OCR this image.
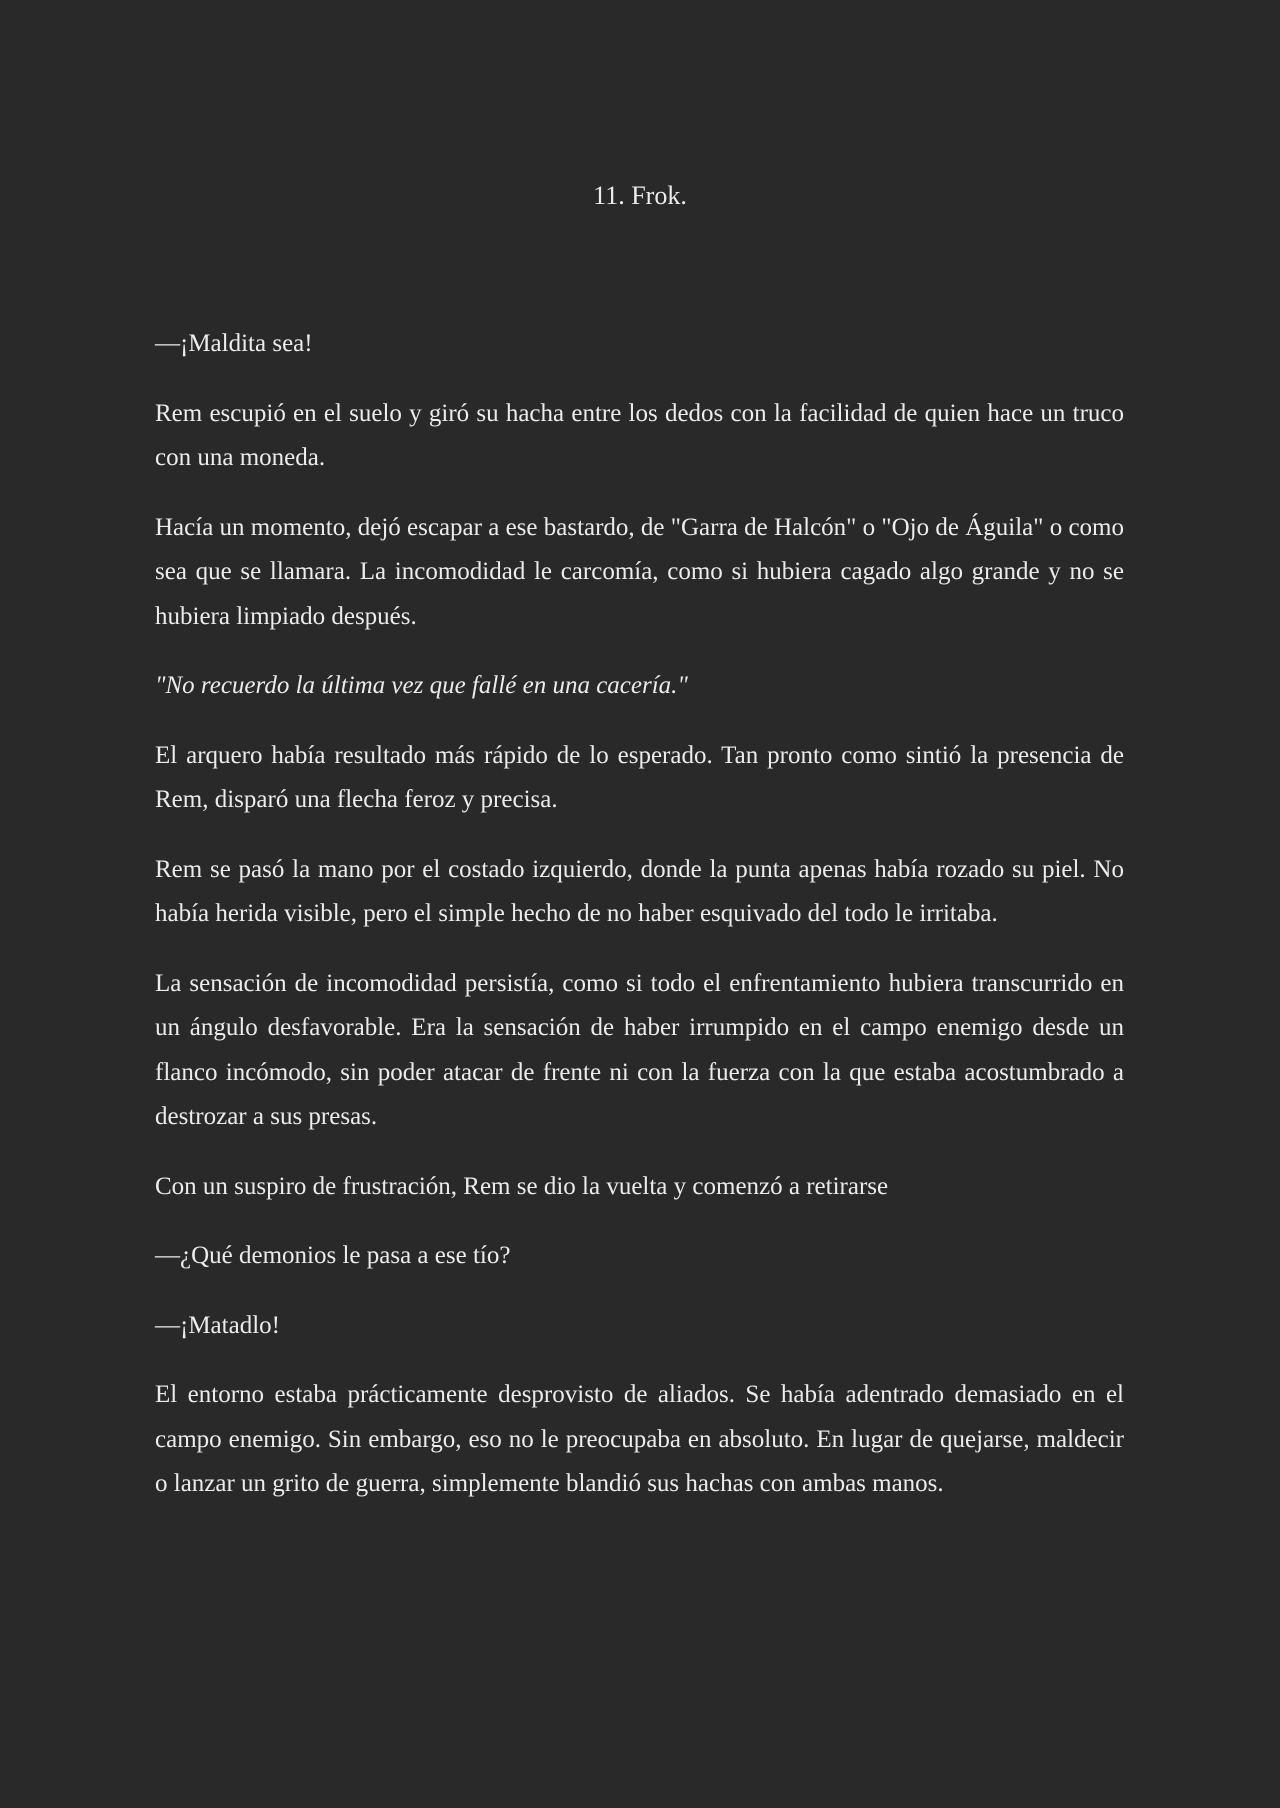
11. Frok.

—¡Maldita sea!

Rem escupió en el suelo y giró su hacha entre los dedos con la facilidad de quien hace un truco con una moneda.

Hacía un momento, dejó escapar a ese bastardo, de "Garra de Halcón" o "Ojo de Águila" o como sea que se llamara. La incomodidad le carcomía, como si hubiera cagado algo grande y no se hubiera limpiado después.

"No recuerdo la última vez que fallé en una cacería."

El arquero había resultado más rápido de lo esperado. Tan pronto como sintió la presencia de Rem, disparó una flecha feroz y precisa.

Rem se pasó la mano por el costado izquierdo, donde la punta apenas había rozado su piel. No había herida visible, pero el simple hecho de no haber esquivado del todo le irritaba.

La sensación de incomodidad persistía, como si todo el enfrentamiento hubiera transcurrido en un ángulo desfavorable. Era la sensación de haber irrumpido en el campo enemigo desde un flanco incómodo, sin poder atacar de frente ni con la fuerza con la que estaba acostumbrado a destrozar a sus presas.

Con un suspiro de frustración, Rem se dio la vuelta y comenzó a retirarse

—¿Qué demonios le pasa a ese tío?

—¡Matadlo!

El entorno estaba prácticamente desprovisto de aliados. Se había adentrado demasiado en el campo enemigo. Sin embargo, eso no le preocupaba en absoluto. En lugar de quejarse, maldecir o lanzar un grito de guerra, simplemente blandió sus hachas con ambas manos.
